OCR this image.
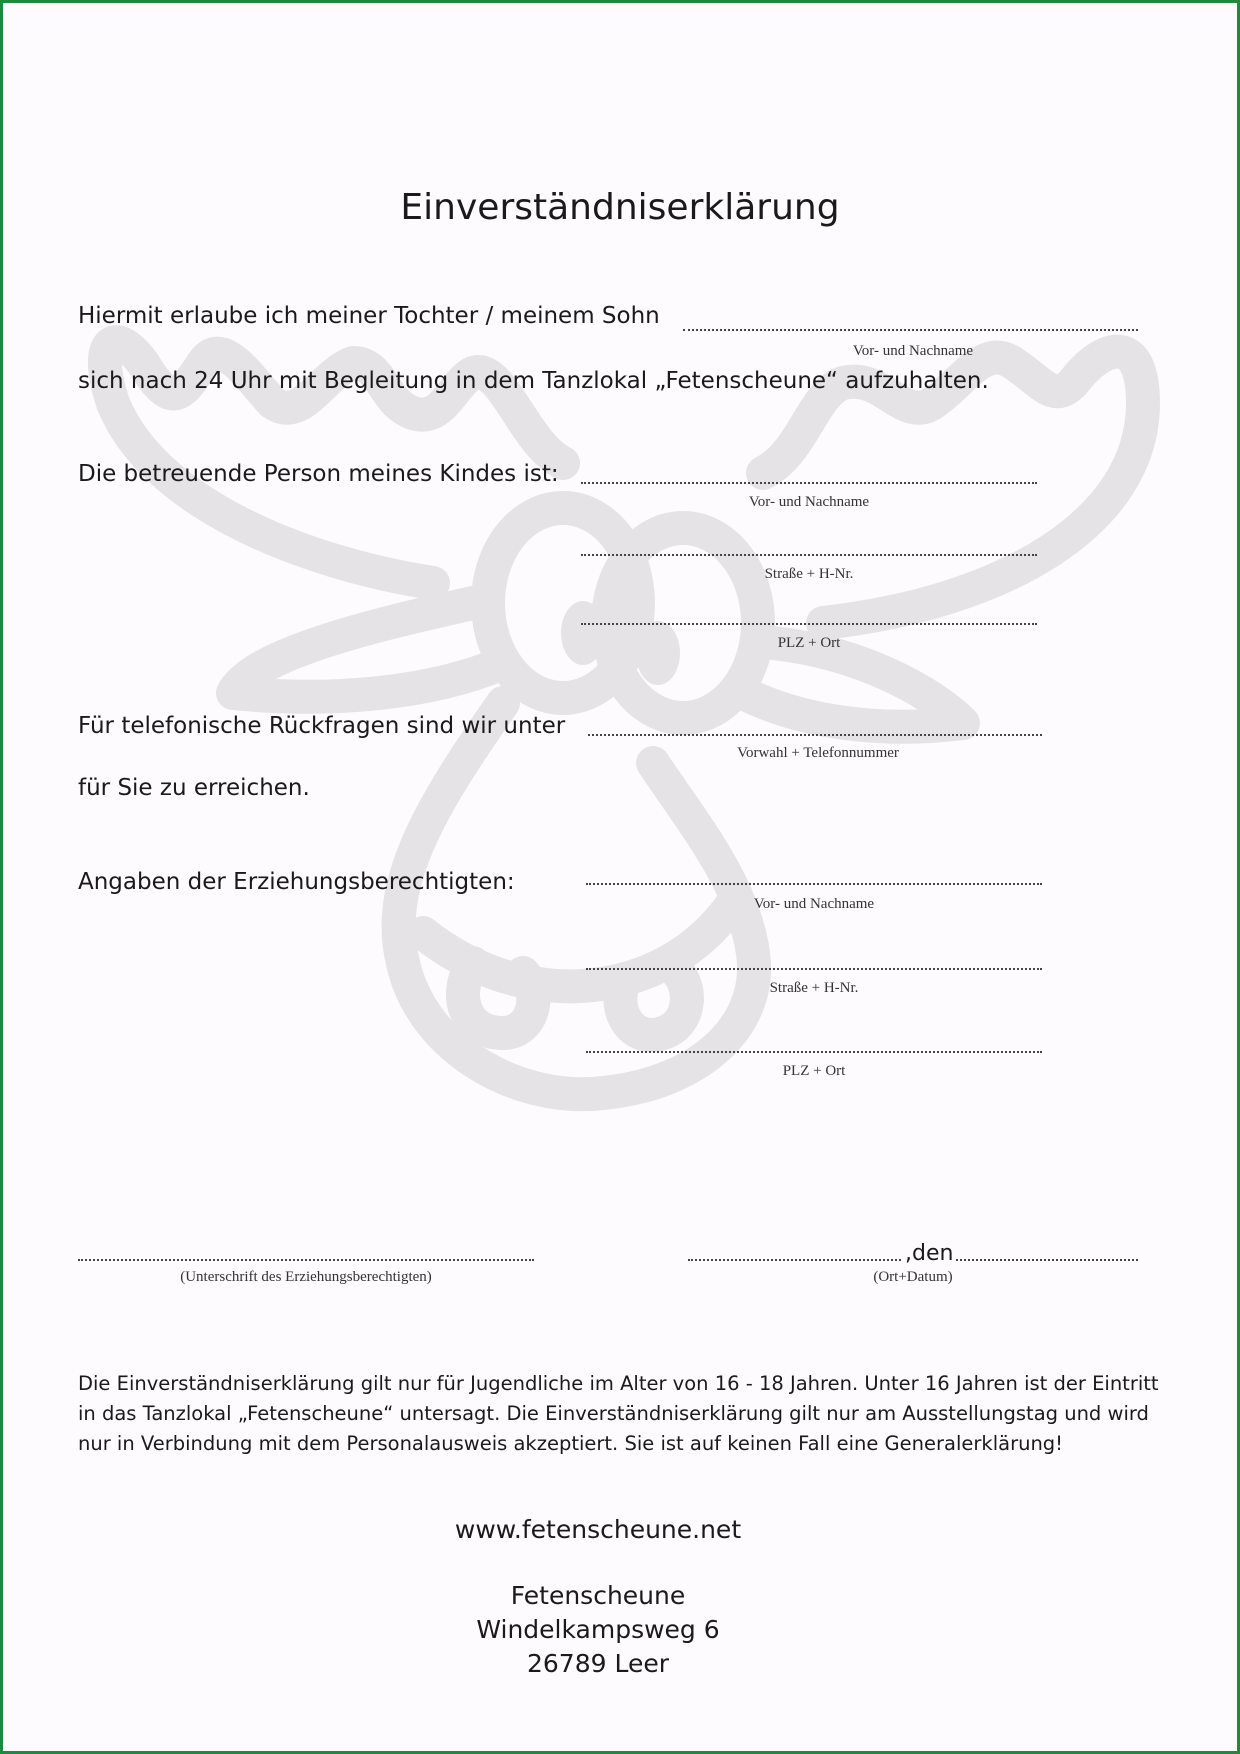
Einverständniserklärung
Hiermit erlaube ich meiner Tochter / meinem Sohn
Vor- und Nachname
sich nach 24 Uhr mit Begleitung in dem Tanzlokal „Fetenscheune“ aufzuhalten.
Die betreuende Person meines Kindes ist:
Vor- und Nachname
Straße + H-Nr.
PLZ + Ort
Für telefonische Rückfragen sind wir unter
Vorwahl + Telefonnummer
für Sie zu erreichen.
Angaben der Erziehungsberechtigten:
Vor- und Nachname
Straße + H-Nr.
PLZ + Ort
(Unterschrift des Erziehungsberechtigten)
,den
(Ort+Datum)
Die Einverständniserklärung gilt nur für Jugendliche im Alter von 16 - 18 Jahren. Unter 16 Jahren ist der Eintritt in das Tanzlokal „Fetenscheune“ untersagt. Die Einverständniserklärung gilt nur am Ausstellungstag und wird nur in Verbindung mit dem Personalausweis akzeptiert. Sie ist auf keinen Fall eine Generalerklärung!
www.fetenscheune.net
Fetenscheune
Windelkampsweg 6
26789 Leer
